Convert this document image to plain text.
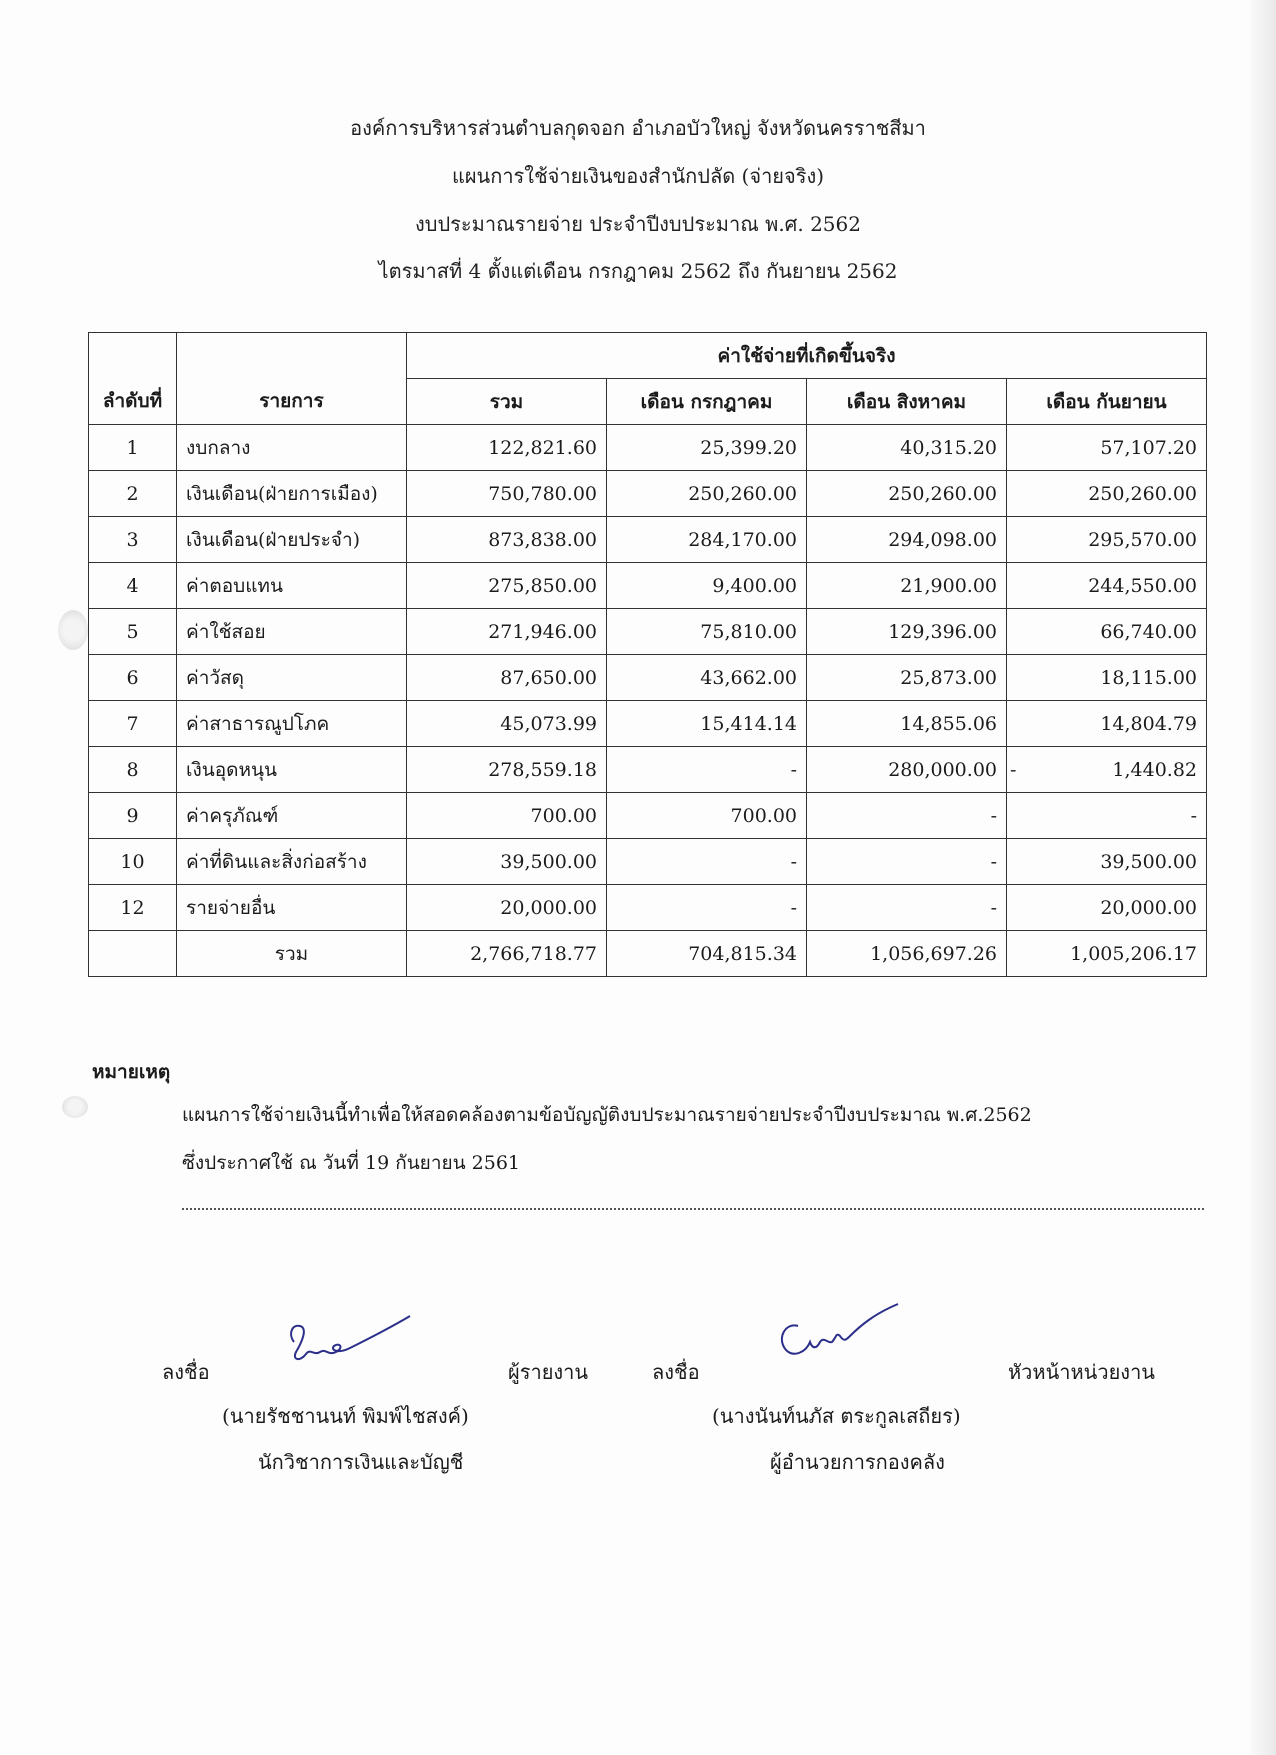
องค์การบริหารส่วนตำบลกุดจอก อำเภอบัวใหญ่ จังหวัดนครราชสีมา
แผนการใช้จ่ายเงินของสำนักปลัด (จ่ายจริง)
งบประมาณรายจ่าย ประจำปีงบประมาณ พ.ศ. 2562
ไตรมาสที่ 4 ตั้งแต่เดือน กรกฎาคม 2562 ถึง กันยายน 2562
ลำดับที่	รายการ	ค่าใช้จ่ายที่เกิดขึ้นจริง			
		รวม	เดือน กรกฎาคม	เดือน สิงหาคม	เดือน กันยายน
1	งบกลาง	122,821.60	25,399.20	40,315.20	57,107.20
2	เงินเดือน(ฝ่ายการเมือง)	750,780.00	250,260.00	250,260.00	250,260.00
3	เงินเดือน(ฝ่ายประจำ)	873,838.00	284,170.00	294,098.00	295,570.00
4	ค่าตอบแทน	275,850.00	9,400.00	21,900.00	244,550.00
5	ค่าใช้สอย	271,946.00	75,810.00	129,396.00	66,740.00
6	ค่าวัสดุ	87,650.00	43,662.00	25,873.00	18,115.00
7	ค่าสาธารณูปโภค	45,073.99	15,414.14	14,855.06	14,804.79
8	เงินอุดหนุน	278,559.18	-	280,000.00	- 1,440.82
9	ค่าครุภัณฑ์	700.00	700.00	-	-
10	ค่าที่ดินและสิ่งก่อสร้าง	39,500.00	-	-	39,500.00
12	รายจ่ายอื่น	20,000.00	-	-	20,000.00
	รวม	2,766,718.77	704,815.34	1,056,697.26	1,005,206.17
หมายเหตุ
แผนการใช้จ่ายเงินนี้ทำเพื่อให้สอดคล้องตามข้อบัญญัติงบประมาณรายจ่ายประจำปีงบประมาณ พ.ศ.2562
ซึ่งประกาศใช้ ณ วันที่ 19 กันยายน 2561
ลงชื่อ	ผู้รายงาน
(นายรัชชานนท์ พิมพ์ไชสงค์)
นักวิชาการเงินและบัญชี
ลงชื่อ	หัวหน้าหน่วยงาน
(นางนันท์นภัส ตระกูลเสถียร)
ผู้อำนวยการกองคลัง
